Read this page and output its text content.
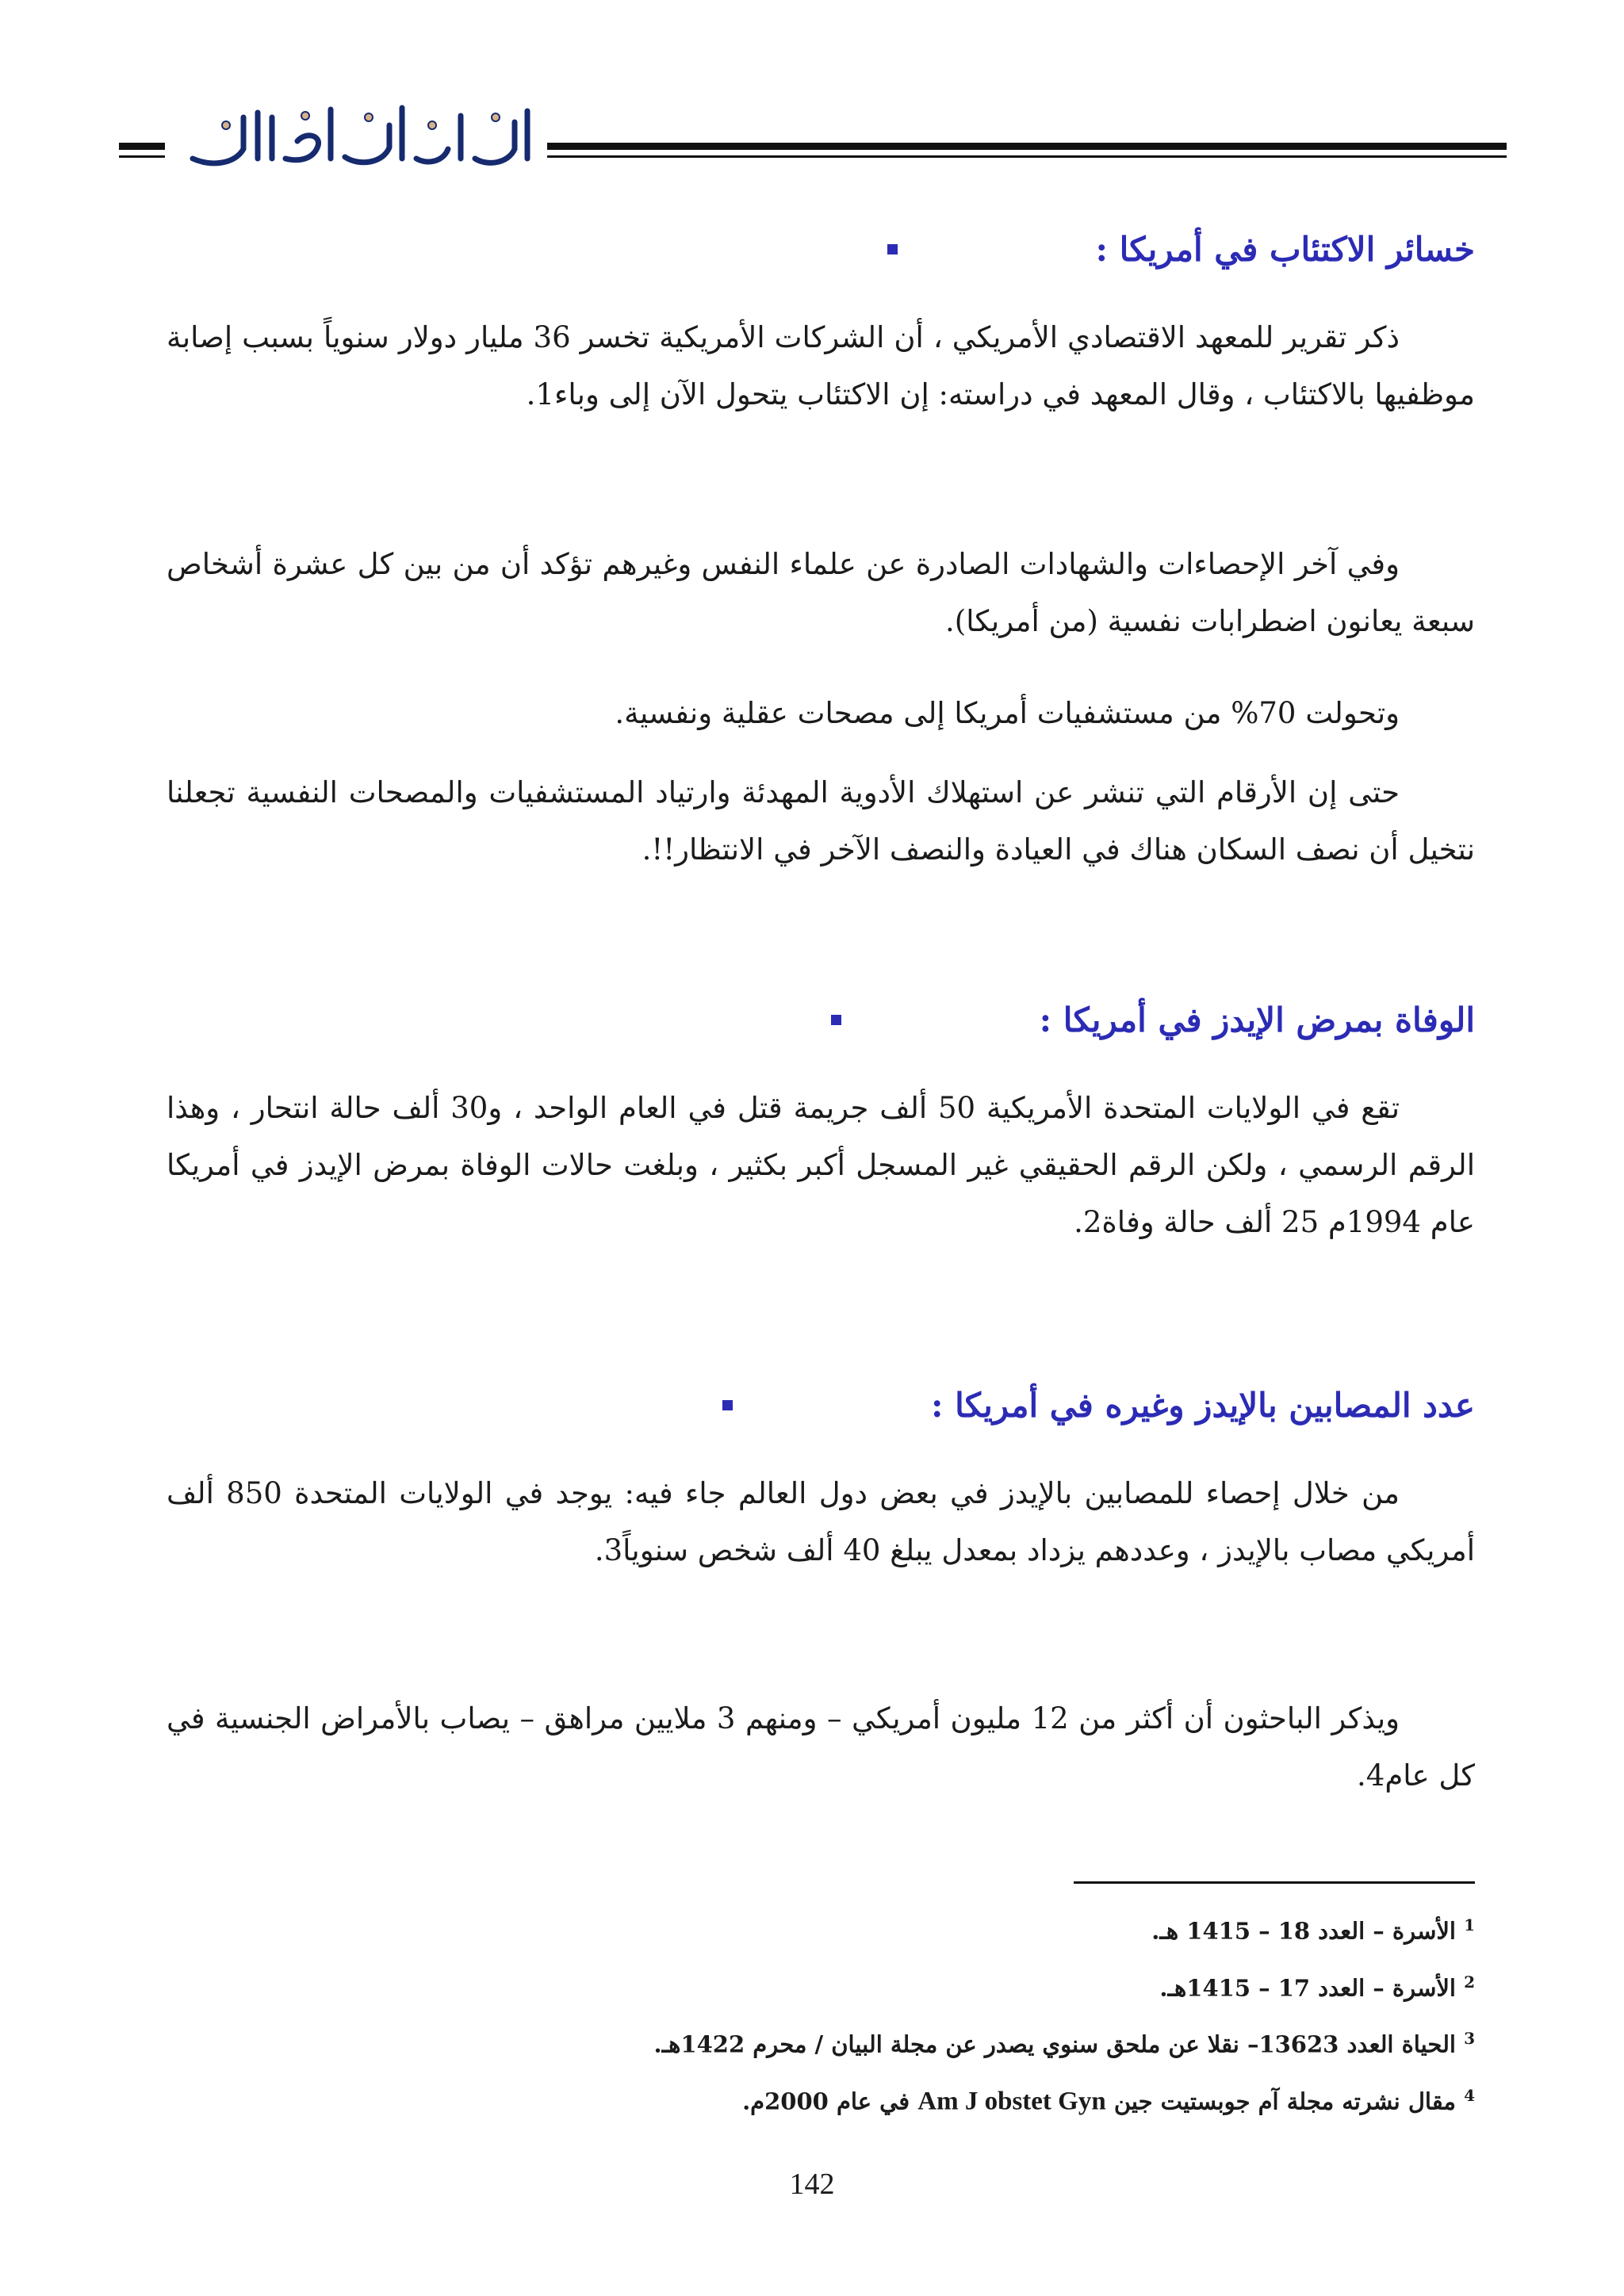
خسائر الاكتئاب في أمريكا :

ذكر تقرير للمعهد الاقتصادي الأمريكي ، أن الشركات الأمريكية تخسر 36 مليار دولار سنوياً بسبب إصابة موظفيها بالاكتئاب ، وقال المعهد في دراسته: إن الاكتئاب يتحول الآن إلى وباء1.

وفي آخر الإحصاءات والشهادات الصادرة عن علماء النفس وغيرهم تؤكد أن من بين كل عشرة أشخاص سبعة يعانون اضطرابات نفسية (من أمريكا).

وتحولت 70% من مستشفيات أمريكا إلى مصحات عقلية ونفسية.

حتى إن الأرقام التي تنشر عن استهلاك الأدوية المهدئة وارتياد المستشفيات والمصحات النفسية تجعلنا نتخيل أن نصف السكان هناك في العيادة والنصف الآخر في الانتظار!!.

الوفاة بمرض الإيدز في أمريكا :

تقع في الولايات المتحدة الأمريكية 50 ألف جريمة قتل في العام الواحد ، و30 ألف حالة انتحار ، وهذا الرقم الرسمي ، ولكن الرقم الحقيقي غير المسجل أكبر بكثير ، وبلغت حالات الوفاة بمرض الإيدز في أمريكا عام 1994م 25 ألف حالة وفاة2.

عدد المصابين بالإيدز وغيره في أمريكا :

من خلال إحصاء للمصابين بالإيدز في بعض دول العالم جاء فيه: يوجد في الولايات المتحدة 850 ألف أمريكي مصاب بالإيدز ، وعددهم يزداد بمعدل يبلغ 40 ألف شخص سنوياً3.

ويذكر الباحثون أن أكثر من 12 مليون أمريكي – ومنهم 3 ملايين مراهق – يصاب بالأمراض الجنسية في كل عام4.

$^1$ الأسرة – العدد 18 – 1415 هـ.

$^2$ الأسرة – العدد 17 – 1415هـ.

$^3$ الحياة العدد 13623– نقلا عن ملحق سنوي يصدر عن مجلة البيان / محرم 1422هـ.

$^4$ مقال نشرته مجلة آم جوبستيت جين Am J obstet Gyn في عام 2000م.

142
